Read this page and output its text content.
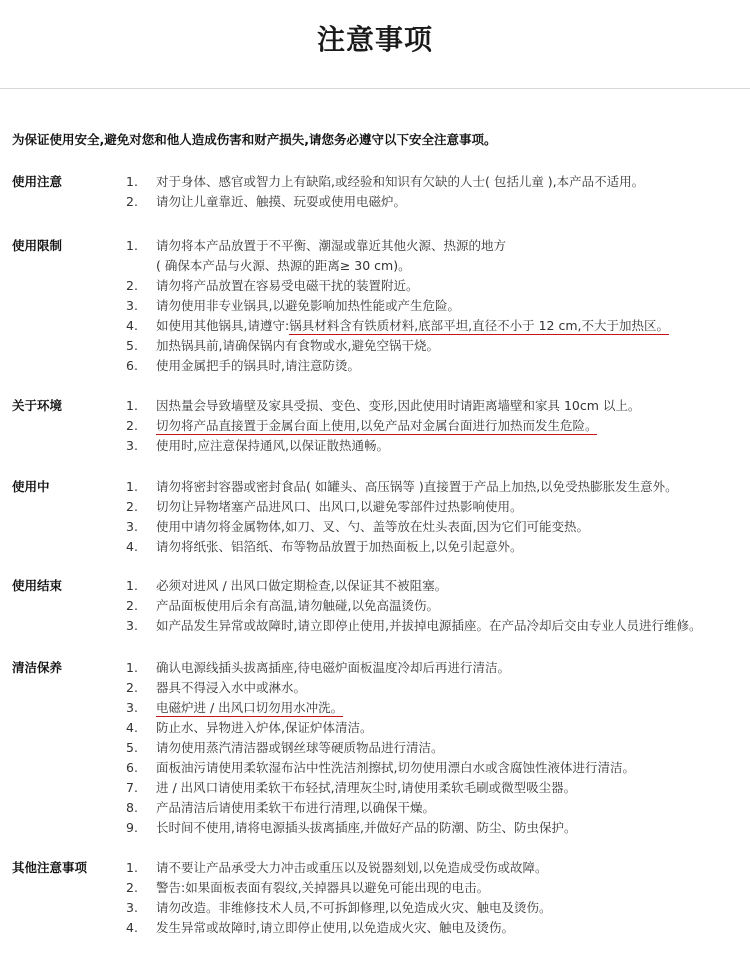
注意事项
为保证使用安全,避免对您和他人造成伤害和财产损失,请您务必遵守以下安全注意事项。
使用注意	1. 对于身体、感官或智力上有缺陷,或经验和知识有欠缺的人士( 包括儿童 ),本产品不适用。
2. 请勿让儿童靠近、触摸、玩耍或使用电磁炉。
使用限制	1. 请勿将本产品放置于不平衡、潮湿或靠近其他火源、热源的地方
( 确保本产品与火源、热源的距离≥ 30 cm)。
2. 请勿将产品放置在容易受电磁干扰的装置附近。
3. 请勿使用非专业锅具,以避免影响加热性能或产生危险。
4. 如使用其他锅具,请遵守:锅具材料含有铁质材料,底部平坦,直径不小于 12 cm,不大于加热区。
5. 加热锅具前,请确保锅内有食物或水,避免空锅干烧。
6. 使用金属把手的锅具时,请注意防烫。
关于环境	1. 因热量会导致墙壁及家具受损、变色、变形,因此使用时请距离墙壁和家具 10cm 以上。
2. 切勿将产品直接置于金属台面上使用,以免产品对金属台面进行加热而发生危险。
3. 使用时,应注意保持通风,以保证散热通畅。
使用中	1. 请勿将密封容器或密封食品( 如罐头、高压锅等 )直接置于产品上加热,以免受热膨胀发生意外。
2. 切勿让异物堵塞产品进风口、出风口,以避免零部件过热影响使用。
3. 使用中请勿将金属物体,如刀、叉、勺、盖等放在灶头表面,因为它们可能变热。
4. 请勿将纸张、铝箔纸、布等物品放置于加热面板上,以免引起意外。
使用结束	1. 必须对进风 / 出风口做定期检查,以保证其不被阻塞。
2. 产品面板使用后余有高温,请勿触碰,以免高温烫伤。
3. 如产品发生异常或故障时,请立即停止使用,并拔掉电源插座。在产品冷却后交由专业人员进行维修。
清洁保养	1. 确认电源线插头拔离插座,待电磁炉面板温度冷却后再进行清洁。
2. 器具不得浸入水中或淋水。
3. 电磁炉进 / 出风口切勿用水冲洗。
4. 防止水、异物进入炉体,保证炉体清洁。
5. 请勿使用蒸汽清洁器或钢丝球等硬质物品进行清洁。
6. 面板油污请使用柔软湿布沾中性洗洁剂擦拭,切勿使用漂白水或含腐蚀性液体进行清洁。
7. 进 / 出风口请使用柔软干布轻拭,清理灰尘时,请使用柔软毛刷或微型吸尘器。
8. 产品清洁后请使用柔软干布进行清理,以确保干燥。
9. 长时间不使用,请将电源插头拔离插座,并做好产品的防潮、防尘、防虫保护。
其他注意事项	1. 请不要让产品承受大力冲击或重压以及锐器刻划,以免造成受伤或故障。
2. 警告:如果面板表面有裂纹,关掉器具以避免可能出现的电击。
3. 请勿改造。非维修技术人员,不可拆卸修理,以免造成火灾、触电及烫伤。
4. 发生异常或故障时,请立即停止使用,以免造成火灾、触电及烫伤。
